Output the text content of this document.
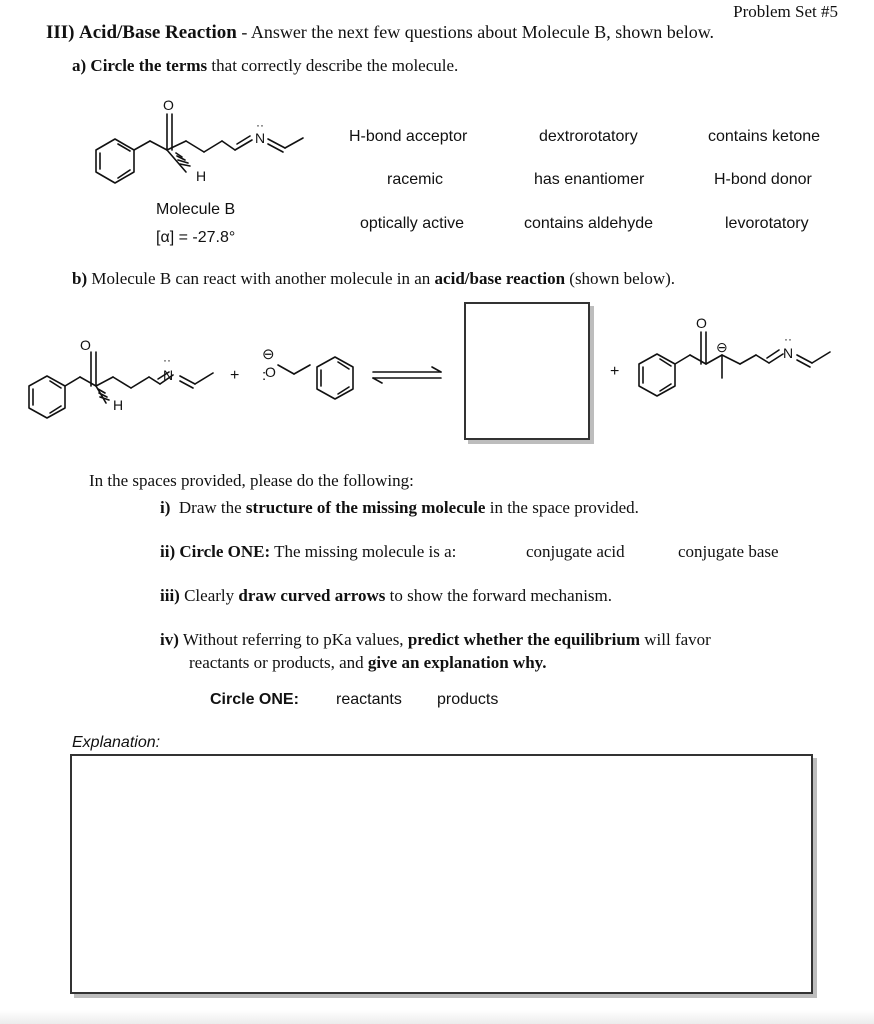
Problem Set #5
III) Acid/Base Reaction - Answer the next few questions about Molecule B, shown below.
a) Circle the terms that correctly describe the molecule.
O
H
N
··
Molecule B
[α] = -27.8°
H-bond acceptor	dextrorotatory	contains ketone
racemic	has enantiomer	H-bond donor
optically active	contains aldehyde	levorotatory
b) Molecule B can react with another molecule in an acid/base reaction (shown below).
O
H
N
··
+
⊖
:
O	+
O
⊖	N
··
In the spaces provided, please do the following:
i) Draw the structure of the missing molecule in the space provided.
ii) Circle ONE: The missing molecule is a:	conjugate acid	conjugate base
iii) Clearly draw curved arrows to show the forward mechanism.
iv) Without referring to pKa values, predict whether the equilibrium will favor
reactants or products, and give an explanation why.
Circle ONE: reactants products
Explanation:
